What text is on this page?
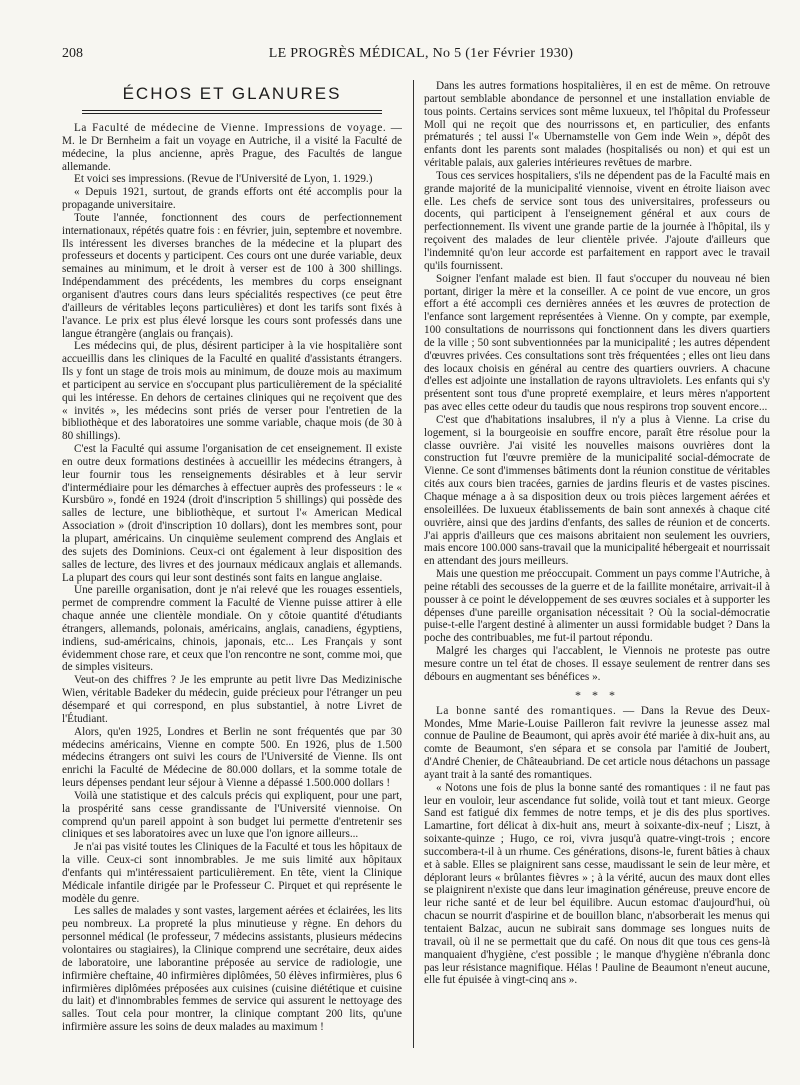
208	LE PROGRÈS MÉDICAL, No 5 (1er Février 1930)
ÉCHOS ET GLANURES

La Faculté de médecine de Vienne. Impressions de voyage. — M. le Dr Bernheim a fait un voyage en Autriche, il a visité la Faculté de médecine, la plus ancienne, après Prague, des Facultés de langue allemande.

Et voici ses impressions. (Revue de l'Université de Lyon, 1. 1929.)

« Depuis 1921, surtout, de grands efforts ont été accomplis pour la propagande universitaire.

Toute l'année, fonctionnent des cours de perfectionnement internationaux, répétés quatre fois : en février, juin, septembre et novembre. Ils intéressent les diverses branches de la médecine et la plupart des professeurs et docents y participent. Ces cours ont une durée variable, deux semaines au minimum, et le droit à verser est de 100 à 300 shillings. Indépendamment des précédents, les membres du corps enseignant organisent d'autres cours dans leurs spécialités respectives (ce peut être d'ailleurs de véritables leçons particulières) et dont les tarifs sont fixés à l'avance. Le prix est plus élevé lorsque les cours sont professés dans une langue étrangère (anglais ou français).

Les médecins qui, de plus, désirent participer à la vie hospitalière sont accueillis dans les cliniques de la Faculté en qualité d'assistants étrangers. Ils y font un stage de trois mois au minimum, de douze mois au maximum et participent au service en s'occupant plus particulièrement de la spécialité qui les intéresse. En dehors de certaines cliniques qui ne reçoivent que des « invités », les médecins sont priés de verser pour l'entretien de la bibliothèque et des laboratoires une somme variable, chaque mois (de 30 à 80 shillings).

C'est la Faculté qui assume l'organisation de cet enseignement. Il existe en outre deux formations destinées à accueillir les médecins étrangers, à leur fournir tous les renseignements désirables et à leur servir d'intermédiaire pour les démarches à effectuer auprès des professeurs : le « Kursbüro », fondé en 1924 (droit d'inscription 5 shillings) qui possède des salles de lecture, une bibliothèque, et surtout l'« American Medical Association » (droit d'inscription 10 dollars), dont les membres sont, pour la plupart, américains. Un cinquième seulement comprend des Anglais et des sujets des Dominions. Ceux-ci ont également à leur disposition des salles de lecture, des livres et des journaux médicaux anglais et allemands. La plupart des cours qui leur sont destinés sont faits en langue anglaise.

Une pareille organisation, dont je n'ai relevé que les rouages essentiels, permet de comprendre comment la Faculté de Vienne puisse attirer à elle chaque année une clientèle mondiale. On y côtoie quantité d'étudiants étrangers, allemands, polonais, américains, anglais, canadiens, égyptiens, indiens, sud-américains, chinois, japonais, etc... Les Français y sont évidemment chose rare, et ceux que l'on rencontre ne sont, comme moi, que de simples visiteurs.

Veut-on des chiffres ? Je les emprunte au petit livre Das Medizinische Wien, véritable Badeker du médecin, guide précieux pour l'étranger un peu désemparé et qui correspond, en plus substantiel, à notre Livret de l'Étudiant.

Alors, qu'en 1925, Londres et Berlin ne sont fréquentés que par 30 médecins américains, Vienne en compte 500. En 1926, plus de 1.500 médecins étrangers ont suivi les cours de l'Université de Vienne. Ils ont enrichi la Faculté de Médecine de 80.000 dollars, et la somme totale de leurs dépenses pendant leur séjour à Vienne a dépassé 1.500.000 dollars !

Voilà une statistique et des calculs précis qui expliquent, pour une part, la prospérité sans cesse grandissante de l'Université viennoise. On comprend qu'un pareil appoint à son budget lui permette d'entretenir ses cliniques et ses laboratoires avec un luxe que l'on ignore ailleurs...

Je n'ai pas visité toutes les Cliniques de la Faculté et tous les hôpitaux de la ville. Ceux-ci sont innombrables. Je me suis limité aux hôpitaux d'enfants qui m'intéressaient particulièrement. En tête, vient la Clinique Médicale infantile dirigée par le Professeur C. Pirquet et qui représente le modèle du genre.

Les salles de malades y sont vastes, largement aérées et éclairées, les lits peu nombreux. La propreté la plus minutieuse y règne. En dehors du personnel médical (le professeur, 7 médecins assistants, plusieurs médecins volontaires ou stagiaires), la Clinique comprend une secrétaire, deux aides de laboratoire, une laborantine préposée au service de radiologie, une infirmière cheftaine, 40 infirmières diplômées, 50 élèves infirmières, plus 6 infirmières diplômées préposées aux cuisines (cuisine diététique et cuisine du lait) et d'innombrables femmes de service qui assurent le nettoyage des salles. Tout cela pour montrer, la clinique comptant 200 lits, qu'une infirmière assure les soins de deux malades au maximum !

Dans les autres formations hospitalières, il en est de même. On retrouve partout semblable abondance de personnel et une installation enviable de tous points. Certains services sont même luxueux, tel l'hôpital du Professeur Moll qui ne reçoit que des nourrissons et, en particulier, des enfants prématurés ; tel aussi l'« Ubernamstelle von Gem inde Wein », dépôt des enfants dont les parents sont malades (hospitalisés ou non) et qui est un véritable palais, aux galeries intérieures revêtues de marbre.

Tous ces services hospitaliers, s'ils ne dépendent pas de la Faculté mais en grande majorité de la municipalité viennoise, vivent en étroite liaison avec elle. Les chefs de service sont tous des universitaires, professeurs ou docents, qui participent à l'enseignement général et aux cours de perfectionnement. Ils vivent une grande partie de la journée à l'hôpital, ils y reçoivent des malades de leur clientèle privée. J'ajoute d'ailleurs que l'indemnité qu'on leur accorde est parfaitement en rapport avec le travail qu'ils fournissent.

Soigner l'enfant malade est bien. Il faut s'occuper du nouveau né bien portant, diriger la mère et la conseiller. A ce point de vue encore, un gros effort a été accompli ces dernières années et les œuvres de protection de l'enfance sont largement représentées à Vienne. On y compte, par exemple, 100 consultations de nourrissons qui fonctionnent dans les divers quartiers de la ville ; 50 sont subventionnées par la municipalité ; les autres dépendent d'œuvres privées. Ces consultations sont très fréquentées ; elles ont lieu dans des locaux choisis en général au centre des quartiers ouvriers. A chacune d'elles est adjointe une installation de rayons ultraviolets. Les enfants qui s'y présentent sont tous d'une propreté exemplaire, et leurs mères n'apportent pas avec elles cette odeur du taudis que nous respirons trop souvent encore...

C'est que d'habitations insalubres, il n'y a plus à Vienne. La crise du logement, si la bourgeoisie en souffre encore, paraît être résolue pour la classe ouvrière. J'ai visité les nouvelles maisons ouvrières dont la construction fut l'œuvre première de la municipalité social-démocrate de Vienne. Ce sont d'immenses bâtiments dont la réunion constitue de véritables cités aux cours bien tracées, garnies de jardins fleuris et de vastes piscines. Chaque ménage a à sa disposition deux ou trois pièces largement aérées et ensoleillées. De luxueux établissements de bain sont annexés à chaque cité ouvrière, ainsi que des jardins d'enfants, des salles de réunion et de concerts. J'ai appris d'ailleurs que ces maisons abritaient non seulement les ouvriers, mais encore 100.000 sans-travail que la municipalité hébergeait et nourrissait en attendant des jours meilleurs.

Mais une question me préoccupait. Comment un pays comme l'Autriche, à peine rétabli des secousses de la guerre et de la faillite monétaire, arrivait-il à pousser à ce point le développement de ses œuvres sociales et à supporter les dépenses d'une pareille organisation nécessitait ? Où la social-démocratie puise-t-elle l'argent destiné à alimenter un aussi formidable budget ? Dans la poche des contribuables, me fut-il partout répondu.

Malgré les charges qui l'accablent, le Viennois ne proteste pas outre mesure contre un tel état de choses. Il essaye seulement de rentrer dans ses débours en augmentant ses bénéfices ».

* * *

La bonne santé des romantiques. — Dans la Revue des Deux-Mondes, Mme Marie-Louise Pailleron fait revivre la jeunesse assez mal connue de Pauline de Beaumont, qui après avoir été mariée à dix-huit ans, au comte de Beaumont, s'en sépara et se consola par l'amitié de Joubert, d'André Chenier, de Châteaubriand. De cet article nous détachons un passage ayant trait à la santé des romantiques.

« Notons une fois de plus la bonne santé des romantiques : il ne faut pas leur en vouloir, leur ascendance fut solide, voilà tout et tant mieux. George Sand est fatigué dix femmes de notre temps, et je dis des plus sportives. Lamartine, fort délicat à dix-huit ans, meurt à soixante-dix-neuf ; Liszt, à soixante-quinze ; Hugo, ce roi, vivra jusqu'à quatre-vingt-trois ; encore succombera-t-il à un rhume. Ces générations, disons-le, furent bâties à chaux et à sable. Elles se plaignirent sans cesse, maudissant le sein de leur mère, et déplorant leurs « brûlantes fièvres » ; à la vérité, aucun des maux dont elles se plaignirent n'existe que dans leur imagination généreuse, preuve encore de leur riche santé et de leur bel équilibre. Aucun estomac d'aujourd'hui, où chacun se nourrit d'aspirine et de bouillon blanc, n'absorberait les menus qui tentaient Balzac, aucun ne subirait sans dommage ses longues nuits de travail, où il ne se permettait que du café. On nous dit que tous ces gens-là manquaient d'hygiène, c'est possible ; le manque d'hygiène n'ébranla donc pas leur résistance magnifique. Hélas ! Pauline de Beaumont n'eneut aucune, elle fut épuisée à vingt-cinq ans ».
